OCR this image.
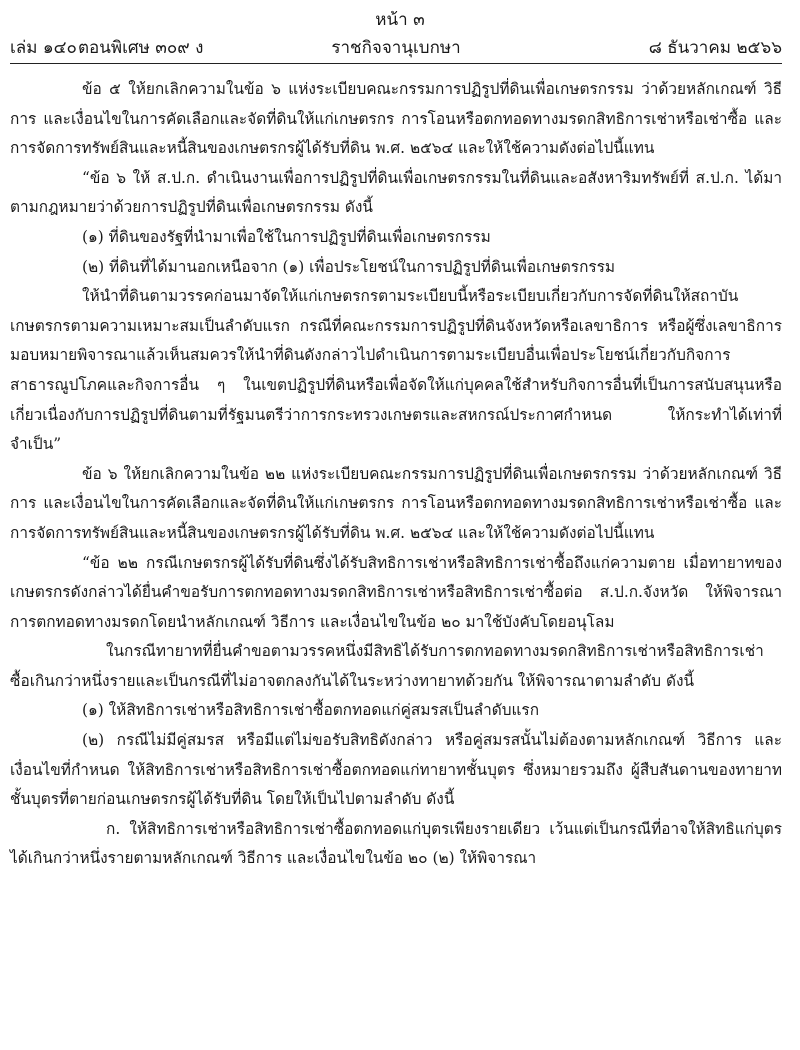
หน้า ๓
เล่ม ๑๔๐ ตอนพิเศษ ๓๐๙ ง	ราชกิจจานุเบกษา	๘ ธันวาคม ๒๕๖๖

ข้อ ๕ ให้ยกเลิกความในข้อ ๖ แห่งระเบียบคณะกรรมการปฏิรูปที่ดินเพื่อเกษตรกรรม ว่าด้วยหลักเกณฑ์ วิธีการ และเงื่อนไขในการคัดเลือกและจัดที่ดินให้แก่เกษตรกร การโอนหรือตกทอดทางมรดกสิทธิการเช่าหรือเช่าซื้อ และการจัดการทรัพย์สินและหนี้สินของเกษตรกรผู้ได้รับที่ดิน พ.ศ. ๒๕๖๔ และให้ใช้ความดังต่อไปนี้แทน

“ข้อ ๖ ให้ ส.ป.ก. ดำเนินงานเพื่อการปฏิรูปที่ดินเพื่อเกษตรกรรมในที่ดินและอสังหาริมทรัพย์ที่ ส.ป.ก. ได้มาตามกฎหมายว่าด้วยการปฏิรูปที่ดินเพื่อเกษตรกรรม ดังนี้

(๑) ที่ดินของรัฐที่นำมาเพื่อใช้ในการปฏิรูปที่ดินเพื่อเกษตรกรรม

(๒) ที่ดินที่ได้มานอกเหนือจาก (๑) เพื่อประโยชน์ในการปฏิรูปที่ดินเพื่อเกษตรกรรม

ให้นำที่ดินตามวรรคก่อนมาจัดให้แก่เกษตรกรตามระเบียบนี้หรือระเบียบเกี่ยวกับการจัดที่ดินให้สถาบันเกษตรกรตามความเหมาะสมเป็นลำดับแรก กรณีที่คณะกรรมการปฏิรูปที่ดินจังหวัดหรือเลขาธิการ หรือผู้ซึ่งเลขาธิการมอบหมายพิจารณาแล้วเห็นสมควรให้นำที่ดินดังกล่าวไปดำเนินการตามระเบียบอื่นเพื่อประโยชน์เกี่ยวกับกิจการสาธารณูปโภคและกิจการอื่น ๆ ในเขตปฏิรูปที่ดินหรือเพื่อจัดให้แก่บุคคลใช้สำหรับกิจการอื่นที่เป็นการสนับสนุนหรือเกี่ยวเนื่องกับการปฏิรูปที่ดินตามที่รัฐมนตรีว่าการกระทรวงเกษตรและสหกรณ์ประกาศกำหนด ให้กระทำได้เท่าที่จำเป็น”

ข้อ ๖ ให้ยกเลิกความในข้อ ๒๒ แห่งระเบียบคณะกรรมการปฏิรูปที่ดินเพื่อเกษตรกรรม ว่าด้วยหลักเกณฑ์ วิธีการ และเงื่อนไขในการคัดเลือกและจัดที่ดินให้แก่เกษตรกร การโอนหรือตกทอดทางมรดกสิทธิการเช่าหรือเช่าซื้อ และการจัดการทรัพย์สินและหนี้สินของเกษตรกรผู้ได้รับที่ดิน พ.ศ. ๒๕๖๔ และให้ใช้ความดังต่อไปนี้แทน

“ข้อ ๒๒ กรณีเกษตรกรผู้ได้รับที่ดินซึ่งได้รับสิทธิการเช่าหรือสิทธิการเช่าซื้อถึงแก่ความตาย เมื่อทายาทของเกษตรกรดังกล่าวได้ยื่นคำขอรับการตกทอดทางมรดกสิทธิการเช่าหรือสิทธิการเช่าซื้อต่อ ส.ป.ก.จังหวัด ให้พิจารณาการตกทอดทางมรดกโดยนำหลักเกณฑ์ วิธีการ และเงื่อนไขในข้อ ๒๐ มาใช้บังคับโดยอนุโลม

ในกรณีทายาทที่ยื่นคำขอตามวรรคหนึ่งมีสิทธิได้รับการตกทอดทางมรดกสิทธิการเช่าหรือสิทธิการเช่าซื้อเกินกว่าหนึ่งรายและเป็นกรณีที่ไม่อาจตกลงกันได้ในระหว่างทายาทด้วยกัน ให้พิจารณาตามลำดับ ดังนี้

(๑) ให้สิทธิการเช่าหรือสิทธิการเช่าซื้อตกทอดแก่คู่สมรสเป็นลำดับแรก

(๒) กรณีไม่มีคู่สมรส หรือมีแต่ไม่ขอรับสิทธิดังกล่าว หรือคู่สมรสนั้นไม่ต้องตามหลักเกณฑ์ วิธีการ และเงื่อนไขที่กำหนด ให้สิทธิการเช่าหรือสิทธิการเช่าซื้อตกทอดแก่ทายาทชั้นบุตร ซึ่งหมายรวมถึง ผู้สืบสันดานของทายาทชั้นบุตรที่ตายก่อนเกษตรกรผู้ได้รับที่ดิน โดยให้เป็นไปตามลำดับ ดังนี้

ก. ให้สิทธิการเช่าหรือสิทธิการเช่าซื้อตกทอดแก่บุตรเพียงรายเดียว เว้นแต่เป็นกรณีที่อาจให้สิทธิแก่บุตรได้เกินกว่าหนึ่งรายตามหลักเกณฑ์ วิธีการ และเงื่อนไขในข้อ ๒๐ (๒) ให้พิจารณา
